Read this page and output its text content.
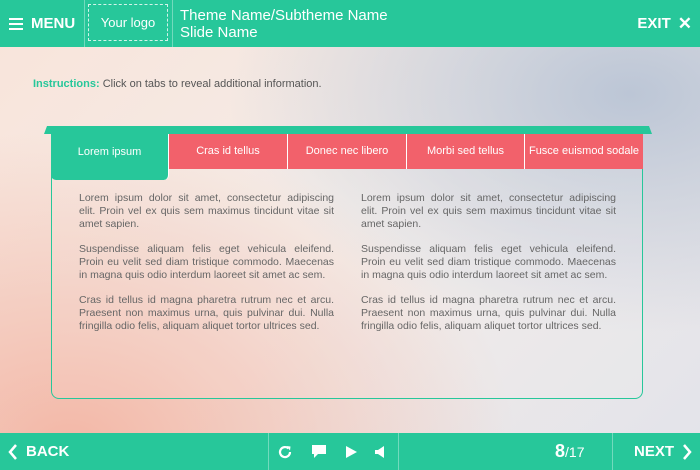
MENU	Your logo	Theme Name/Subtheme Name
Slide Name
EXIT ✕
Instructions: Click on tabs to reveal additional information.
Lorem ipsum	Cras id tellus	Donec nec libero	Morbi sed tellus	Fusce euismod sodale

Lorem ipsum dolor sit amet, consectetur adipiscing elit. Proin vel ex quis sem maximus tincidunt vitae sit amet sapien.

Suspendisse aliquam felis eget vehicula eleifend. Proin eu velit sed diam tristique commodo. Maecenas in magna quis odio interdum laoreet sit amet ac sem.

Cras id tellus id magna pharetra rutrum nec et arcu. Praesent non maximus urna, quis pulvinar dui. Nulla fringilla odio felis, aliquam aliquet tortor ultrices sed.

Lorem ipsum dolor sit amet, consectetur adipiscing elit. Proin vel ex quis sem maximus tincidunt vitae sit amet sapien.

Suspendisse aliquam felis eget vehicula eleifend. Proin eu velit sed diam tristique commodo. Maecenas in magna quis odio interdum laoreet sit amet ac sem.

Cras id tellus id magna pharetra rutrum nec et arcu. Praesent non maximus urna, quis pulvinar dui. Nulla fringilla odio felis, aliquam aliquet tortor ultrices sed.

BACK	8 /17	NEXT
